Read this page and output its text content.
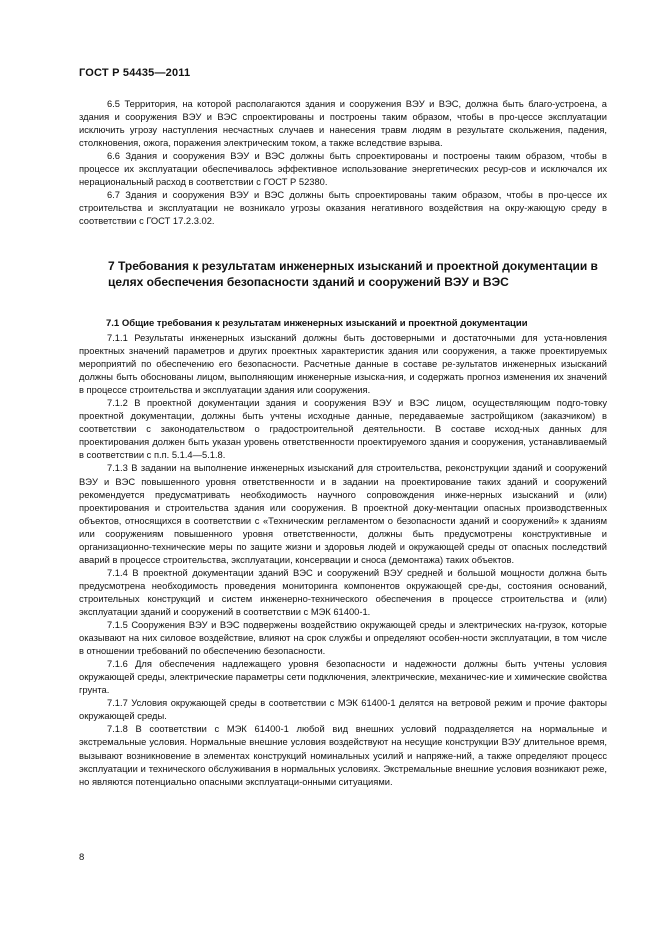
ГОСТ Р 54435—2011

6.5 Территория, на которой располагаются здания и сооружения ВЭУ и ВЭС, должна быть благо-устроена, а здания и сооружения ВЭУ и ВЭС спроектированы и построены таким образом, чтобы в про-цессе эксплуатации исключить угрозу наступления несчастных случаев и нанесения травм людям в результате скольжения, падения, столкновения, ожога, поражения электрическим током, а также вследствие взрыва.

6.6 Здания и сооружения ВЭУ и ВЭС должны быть спроектированы и построены таким образом, чтобы в процессе их эксплуатации обеспечивалось эффективное использование энергетических ресур-сов и исключался их нерациональный расход в соответствии с ГОСТ Р 52380.

6.7 Здания и сооружения ВЭУ и ВЭС должны быть спроектированы таким образом, чтобы в про-цессе их строительства и эксплуатации не возникало угрозы оказания негативного воздействия на окру-жающую среду в соответствии с ГОСТ 17.2.3.02.

7 Требования к результатам инженерных изысканий и проектной документации в целях обеспечения безопасности зданий и сооружений ВЭУ и ВЭС
7.1 Общие требования к результатам инженерных изысканий и проектной документации

7.1.1 Результаты инженерных изысканий должны быть достоверными и достаточными для уста-новления проектных значений параметров и других проектных характеристик здания или сооружения, а также проектируемых мероприятий по обеспечению его безопасности. Расчетные данные в составе ре-зультатов инженерных изысканий должны быть обоснованы лицом, выполняющим инженерные изыска-ния, и содержать прогноз изменения их значений в процессе строительства и эксплуатации здания или сооружения.

7.1.2 В проектной документации здания и сооружения ВЭУ и ВЭС лицом, осуществляющим подго-товку проектной документации, должны быть учтены исходные данные, передаваемые застройщиком (заказчиком) в соответствии с законодательством о градостроительной деятельности. В составе исход-ных данных для проектирования должен быть указан уровень ответственности проектируемого здания и сооружения, устанавливаемый в соответствии с п.п. 5.1.4—5.1.8.

7.1.3 В задании на выполнение инженерных изысканий для строительства, реконструкции зданий и сооружений ВЭУ и ВЭС повышенного уровня ответственности и в задании на проектирование таких зданий и сооружений рекомендуется предусматривать необходимость научного сопровождения инже-нерных изысканий и (или) проектирования и строительства здания или сооружения. В проектной доку-ментации опасных производственных объектов, относящихся в соответствии с «Техническим регламентом о безопасности зданий и сооружений» к зданиям или сооружениям повышенного уровня ответственности, должны быть предусмотрены конструктивные и организационно-технические меры по защите жизни и здоровья людей и окружающей среды от опасных последствий аварий в процессе строительства, эксплуатации, консервации и сноса (демонтажа) таких объектов.

7.1.4 В проектной документации зданий ВЭС и сооружений ВЭУ средней и большой мощности должна быть предусмотрена необходимость проведения мониторинга компонентов окружающей сре-ды, состояния оснований, строительных конструкций и систем инженерно-технического обеспечения в процессе строительства и (или) эксплуатации зданий и сооружений в соответствии с МЭК 61400-1.

7.1.5 Сооружения ВЭУ и ВЭС подвержены воздействию окружающей среды и электрических на-грузок, которые оказывают на них силовое воздействие, влияют на срок службы и определяют особен-ности эксплуатации, в том числе в отношении требований по обеспечению безопасности.

7.1.6 Для обеспечения надлежащего уровня безопасности и надежности должны быть учтены условия окружающей среды, электрические параметры сети подключения, электрические, механичес-кие и химические свойства грунта.

7.1.7 Условия окружающей среды в соответствии с МЭК 61400-1 делятся на ветровой режим и прочие факторы окружающей среды.

7.1.8 В соответствии с МЭК 61400-1 любой вид внешних условий подразделяется на нормальные и экстремальные условия. Нормальные внешние условия воздействуют на несущие конструкции ВЭУ длительное время, вызывают возникновение в элементах конструкций номинальных усилий и напряже-ний, а также определяют процесс эксплуатации и технического обслуживания в нормальных условиях. Экстремальные внешние условия возникают реже, но являются потенциально опасными эксплуатаци-онными ситуациями.

8
